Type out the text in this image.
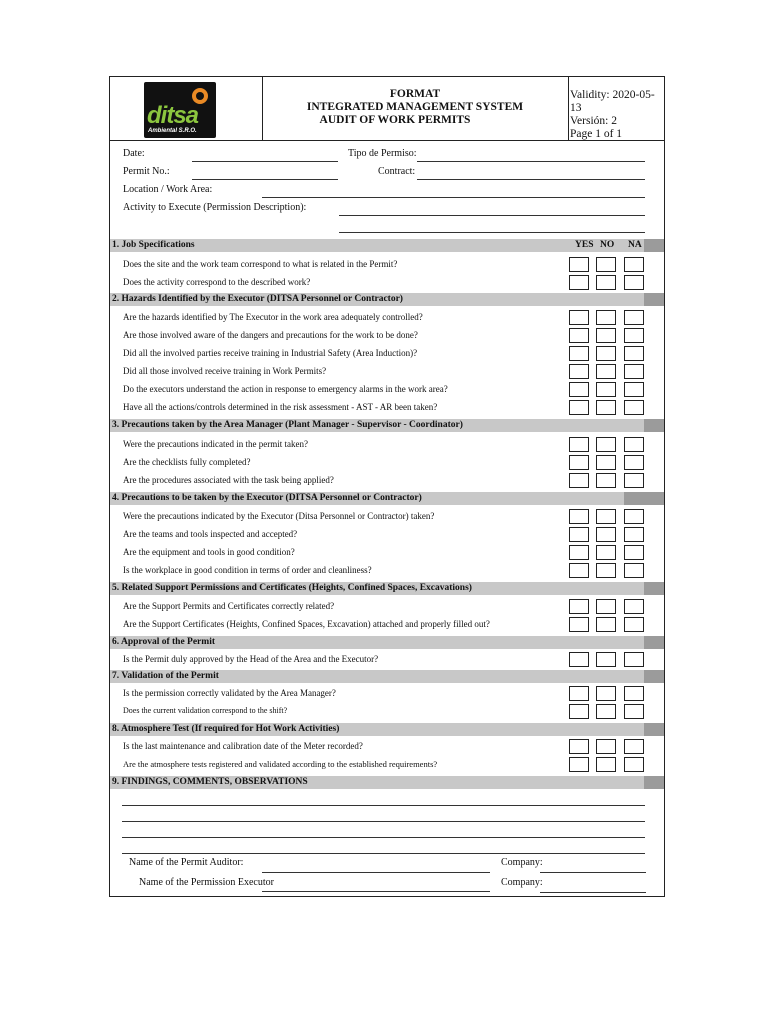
ditsa
Ambiental S.R.O.
FORMAT
INTEGRATED MANAGEMENT SYSTEM
AUDIT OF WORK PERMITS
Validity: 2020-05-13
Versión: 2
Page 1 of 1
Date:	Tipo de Permiso:
Permit No.:	Contract:
Location / Work Area:
Activity to Execute (Permission Description):
1. Job Specifications	YES NO NA
Does the site and the work team correspond to what is related in the Permit?
Does the activity correspond to the described work?
2. Hazards Identified by the Executor (DITSA Personnel or Contractor)
Are the hazards identified by The Executor in the work area adequately controlled?
Are those involved aware of the dangers and precautions for the work to be done?
Did all the involved parties receive training in Industrial Safety (Area Induction)?
Did all those involved receive training in Work Permits?
Do the executors understand the action in response to emergency alarms in the work area?
Have all the actions/controls determined in the risk assessment - AST - AR been taken?
3. Precautions taken by the Area Manager (Plant Manager - Supervisor - Coordinator)
Were the precautions indicated in the permit taken?
Are the checklists fully completed?
Are the procedures associated with the task being applied?
4. Precautions to be taken by the Executor (DITSA Personnel or Contractor)
Were the precautions indicated by the Executor (Ditsa Personnel or Contractor) taken?
Are the teams and tools inspected and accepted?
Are the equipment and tools in good condition?
Is the workplace in good condition in terms of order and cleanliness?
5. Related Support Permissions and Certificates (Heights, Confined Spaces, Excavations)
Are the Support Permits and Certificates correctly related?
Are the Support Certificates (Heights, Confined Spaces, Excavation) attached and properly filled out?
6. Approval of the Permit
Is the Permit duly approved by the Head of the Area and the Executor?
7. Validation of the Permit
Is the permission correctly validated by the Area Manager?
Does the current validation correspond to the shift?
8. Atmosphere Test (If required for Hot Work Activities)
Is the last maintenance and calibration date of the Meter recorded?
Are the atmosphere tests registered and validated according to the established requirements?
9. FINDINGS, COMMENTS, OBSERVATIONS
Name of the Permit Auditor:	Company:
Name of the Permission Executor	Company:
